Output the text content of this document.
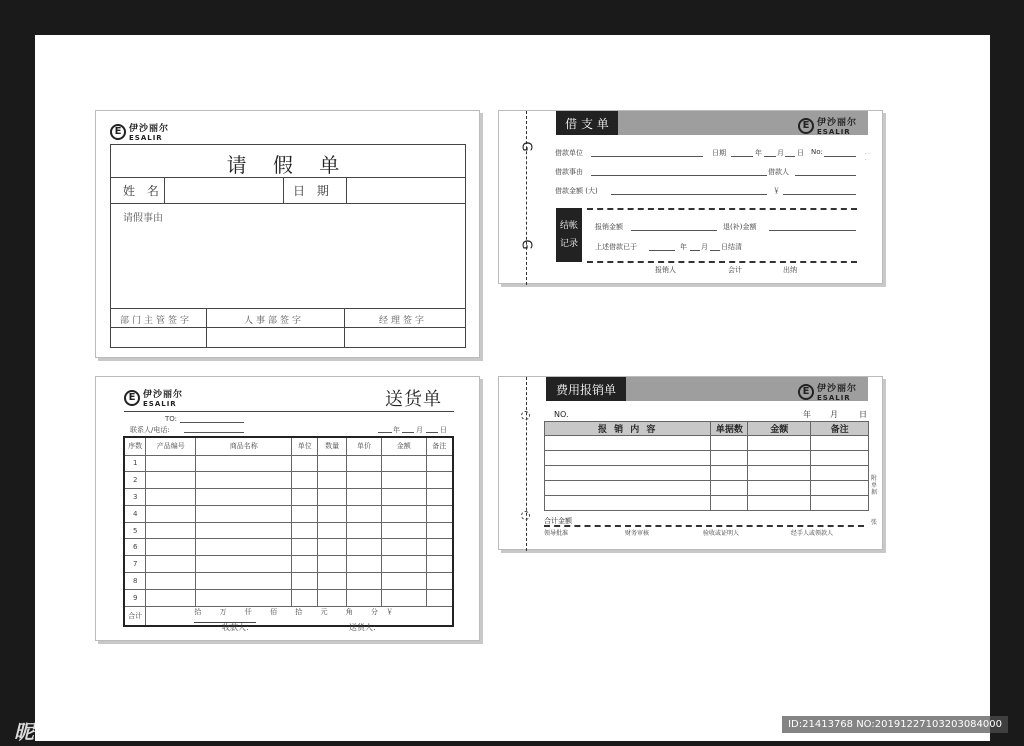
E 伊沙丽尔
ESALIR
请 假 单
姓 名	日 期
请假事由
部门主管签字	人事部签字	经理签字
G
G
借 支 单	E 伊沙丽尔
ESALIR
借款单位	日期	年 月 日 No:
借款事由	借款人
借款金额 (大)	￥
· · ·
结帐 记录
报销金额	退(补)金额
上述借款已于	年 月 日结清
报销人	会计	出纳
E 伊沙丽尔
ESALIR	送货单
TO:
联系人/电话:	年 月 日
序数	产品编号	商品名称	单位	数量	单价	金额	备注
1							
2							
3							
4							
5							
6							
7							
8							
9							
合计	拾 万 仟 佰 拾 元 角 分 ￥						
收款人:	送货人:
费用报销单	E 伊沙丽尔
ESALIR
NO.	年 月	日
报 销 内 容	单据数	金额	备注

附单据
张
合计金额
领导批准	财务审核	验收或证明人	经手人或领款人
昵享网 www.nipic.com	ID:21413768 NO:20191227103203084000
